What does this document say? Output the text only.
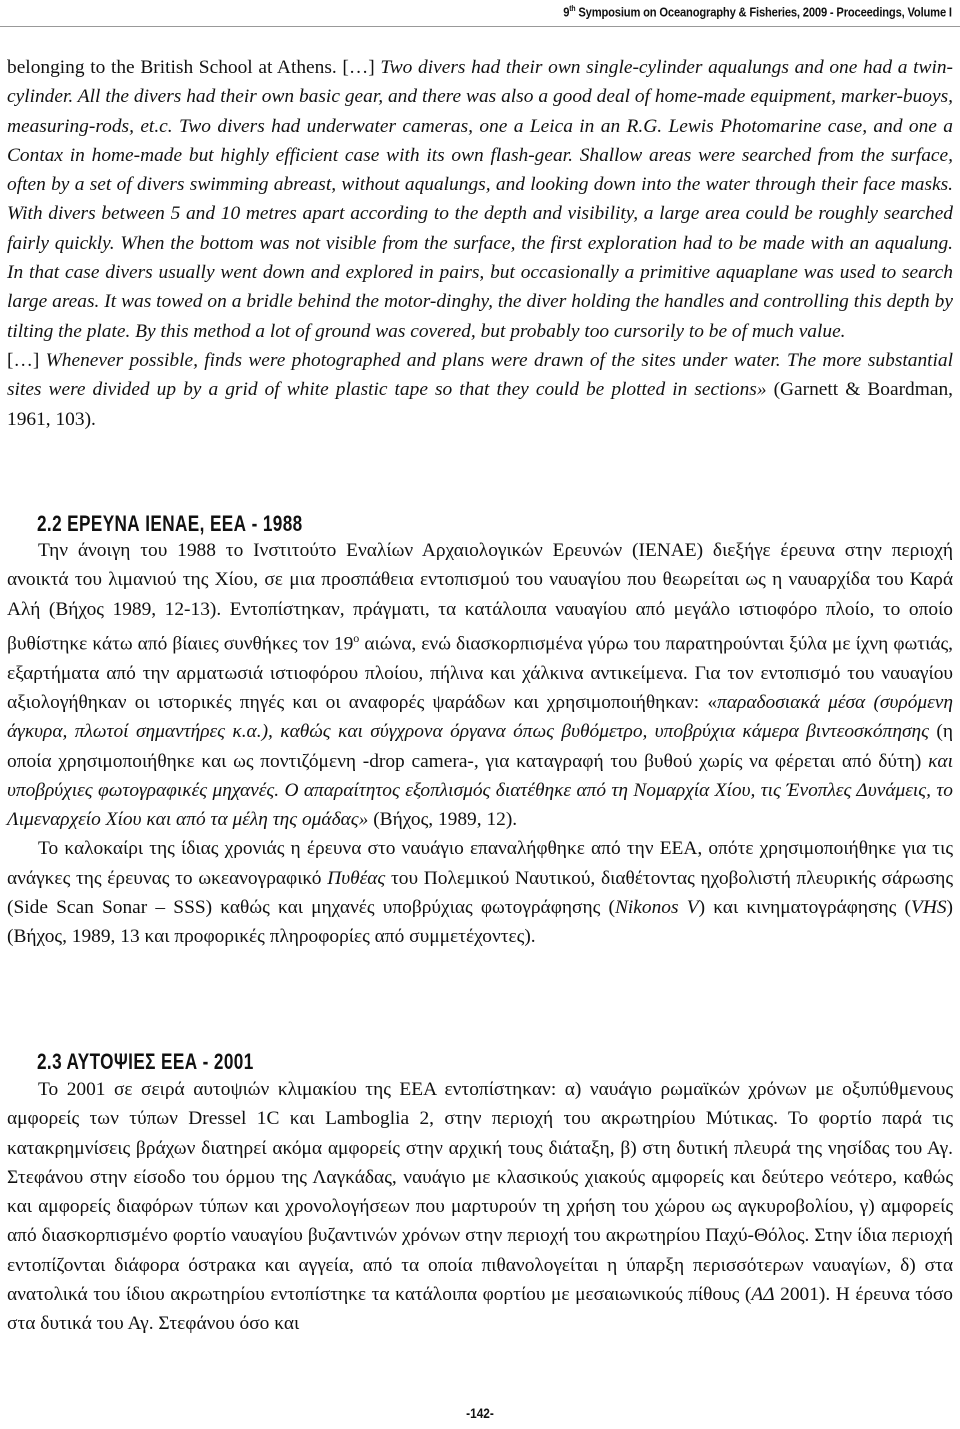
9th Symposium on Oceanography & Fisheries, 2009 - Proceedings, Volume I

belonging to the British School at Athens. […] Two divers had their own single-cylinder aqualungs and one had a twin-cylinder. All the divers had their own basic gear, and there was also a good deal of home-made equipment, marker-buoys, measuring-rods, et.c. Two divers had underwater cameras, one a Leica in an R.G. Lewis Photomarine case, and one a Contax in home-made but highly efficient case with its own flash-gear. Shallow areas were searched from the surface, often by a set of divers swimming abreast, without aqualungs, and looking down into the water through their face masks. With divers between 5 and 10 metres apart according to the depth and visibility, a large area could be roughly searched fairly quickly. When the bottom was not visible from the surface, the first exploration had to be made with an aqualung. In that case divers usually went down and explored in pairs, but occasionally a primitive aquaplane was used to search large areas. It was towed on a bridle behind the motor-dinghy, the diver holding the handles and controlling this depth by tilting the plate. By this method a lot of ground was covered, but probably too cursorily to be of much value.

[…] Whenever possible, finds were photographed and plans were drawn of the sites under water. The more substantial sites were divided up by a grid of white plastic tape so that they could be plotted in sections» (Garnett & Boardman, 1961, 103).

2.2 ΕΡΕΥΝΑ ΙΕΝΑΕ, ΕΕΑ - 1988

Την άνοιγη του 1988 το Ινστιτούτο Εναλίων Αρχαιολογικών Ερευνών (ΙΕΝΑΕ) διεξήγε έρευνα στην περιοχή ανοικτά του λιμανιού της Χίου, σε μια προσπάθεια εντοπισμού του ναυαγίου που θεωρείται ως η ναυαρχίδα του Καρά Αλή (Βήχος 1989, 12-13). Εντοπίστηκαν, πράγματι, τα κατάλοιπα ναυαγίου από μεγάλο ιστιοφόρο πλοίο, το οποίο βυθίστηκε κάτω από βίαιες συνθήκες τον $19^o$ αιώνα, ενώ διασκορπισμένα γύρω του παρατηρούνται ξύλα με ίχνη φωτιάς, εξαρτήματα από την αρματωσιά ιστιοφόρου πλοίου, πήλινα και χάλκινα αντικείμενα. Για τον εντοπισμό του ναυαγίου αξιολογήθηκαν οι ιστορικές πηγές και οι αναφορές ψαράδων και χρησιμοποιήθηκαν: «παραδοσιακά μέσα (συρόμενη άγκυρα, πλωτοί σημαντήρες κ.α.), καθώς και σύγχρονα όργανα όπως βυθόμετρο, υποβρύχια κάμερα βιντεοσκόπησης (η οποία χρησιμοποιήθηκε και ως ποντιζόμενη -drop camera-, για καταγραφή του βυθού χωρίς να φέρεται από δύτη) και υποβρύχιες φωτογραφικές μηχανές. Ο απαραίτητος εξοπλισμός διατέθηκε από τη Νομαρχία Χίου, τις Ένοπλες Δυνάμεις, το Λιμεναρχείο Χίου και από τα μέλη της ομάδας» (Βήχος, 1989, 12).

Το καλοκαίρι της ίδιας χρονιάς η έρευνα στο ναυάγιο επαναλήφθηκε από την ΕΕΑ, οπότε χρησιμοποιήθηκε για τις ανάγκες της έρευνας το ωκεανογραφικό Πυθέας του Πολεμικού Ναυτικού, διαθέτοντας ηχοβολιστή πλευρικής σάρωσης (Side Scan Sonar – SSS) καθώς και μηχανές υποβρύχιας φωτογράφησης (Nikonos V) και κινηματογράφησης (VHS) (Βήχος, 1989, 13 και προφορικές πληροφορίες από συμμετέχοντες).

2.3 ΑΥΤΟΨΙΕΣ ΕΕΑ - 2001

Το 2001 σε σειρά αυτοψιών κλιμακίου της ΕΕΑ εντοπίστηκαν: α) ναυάγιο ρωμαϊκών χρόνων με οξυπύθμενους αμφορείς των τύπων Dressel 1C και Lamboglia 2, στην περιοχή του ακρωτηρίου Μύτικας. Το φορτίο παρά τις κατακρημνίσεις βράχων διατηρεί ακόμα αμφορείς στην αρχική τους διάταξη, β) στη δυτική πλευρά της νησίδας του Αγ. Στεφάνου στην είσοδο του όρμου της Λαγκάδας, ναυάγιο με κλασικούς χιακούς αμφορείς και δεύτερο νεότερο, καθώς και αμφορείς διαφόρων τύπων και χρονολογήσεων που μαρτυρούν τη χρήση του χώρου ως αγκυροβολίου, γ) αμφορείς από διασκορπισμένο φορτίο ναυαγίου βυζαντινών χρόνων στην περιοχή του ακρωτηρίου Παχύ-Θόλος. Στην ίδια περιοχή εντοπίζονται διάφορα όστρακα και αγγεία, από τα οποία πιθανολογείται η ύπαρξη περισσότερων ναυαγίων, δ) στα ανατολικά του ίδιου ακρωτηρίου εντοπίστηκε τα κατάλοιπα φορτίου με μεσαιωνικούς πίθους (ΑΔ 2001). Η έρευνα τόσο στα δυτικά του Αγ. Στεφάνου όσο και

-142-
